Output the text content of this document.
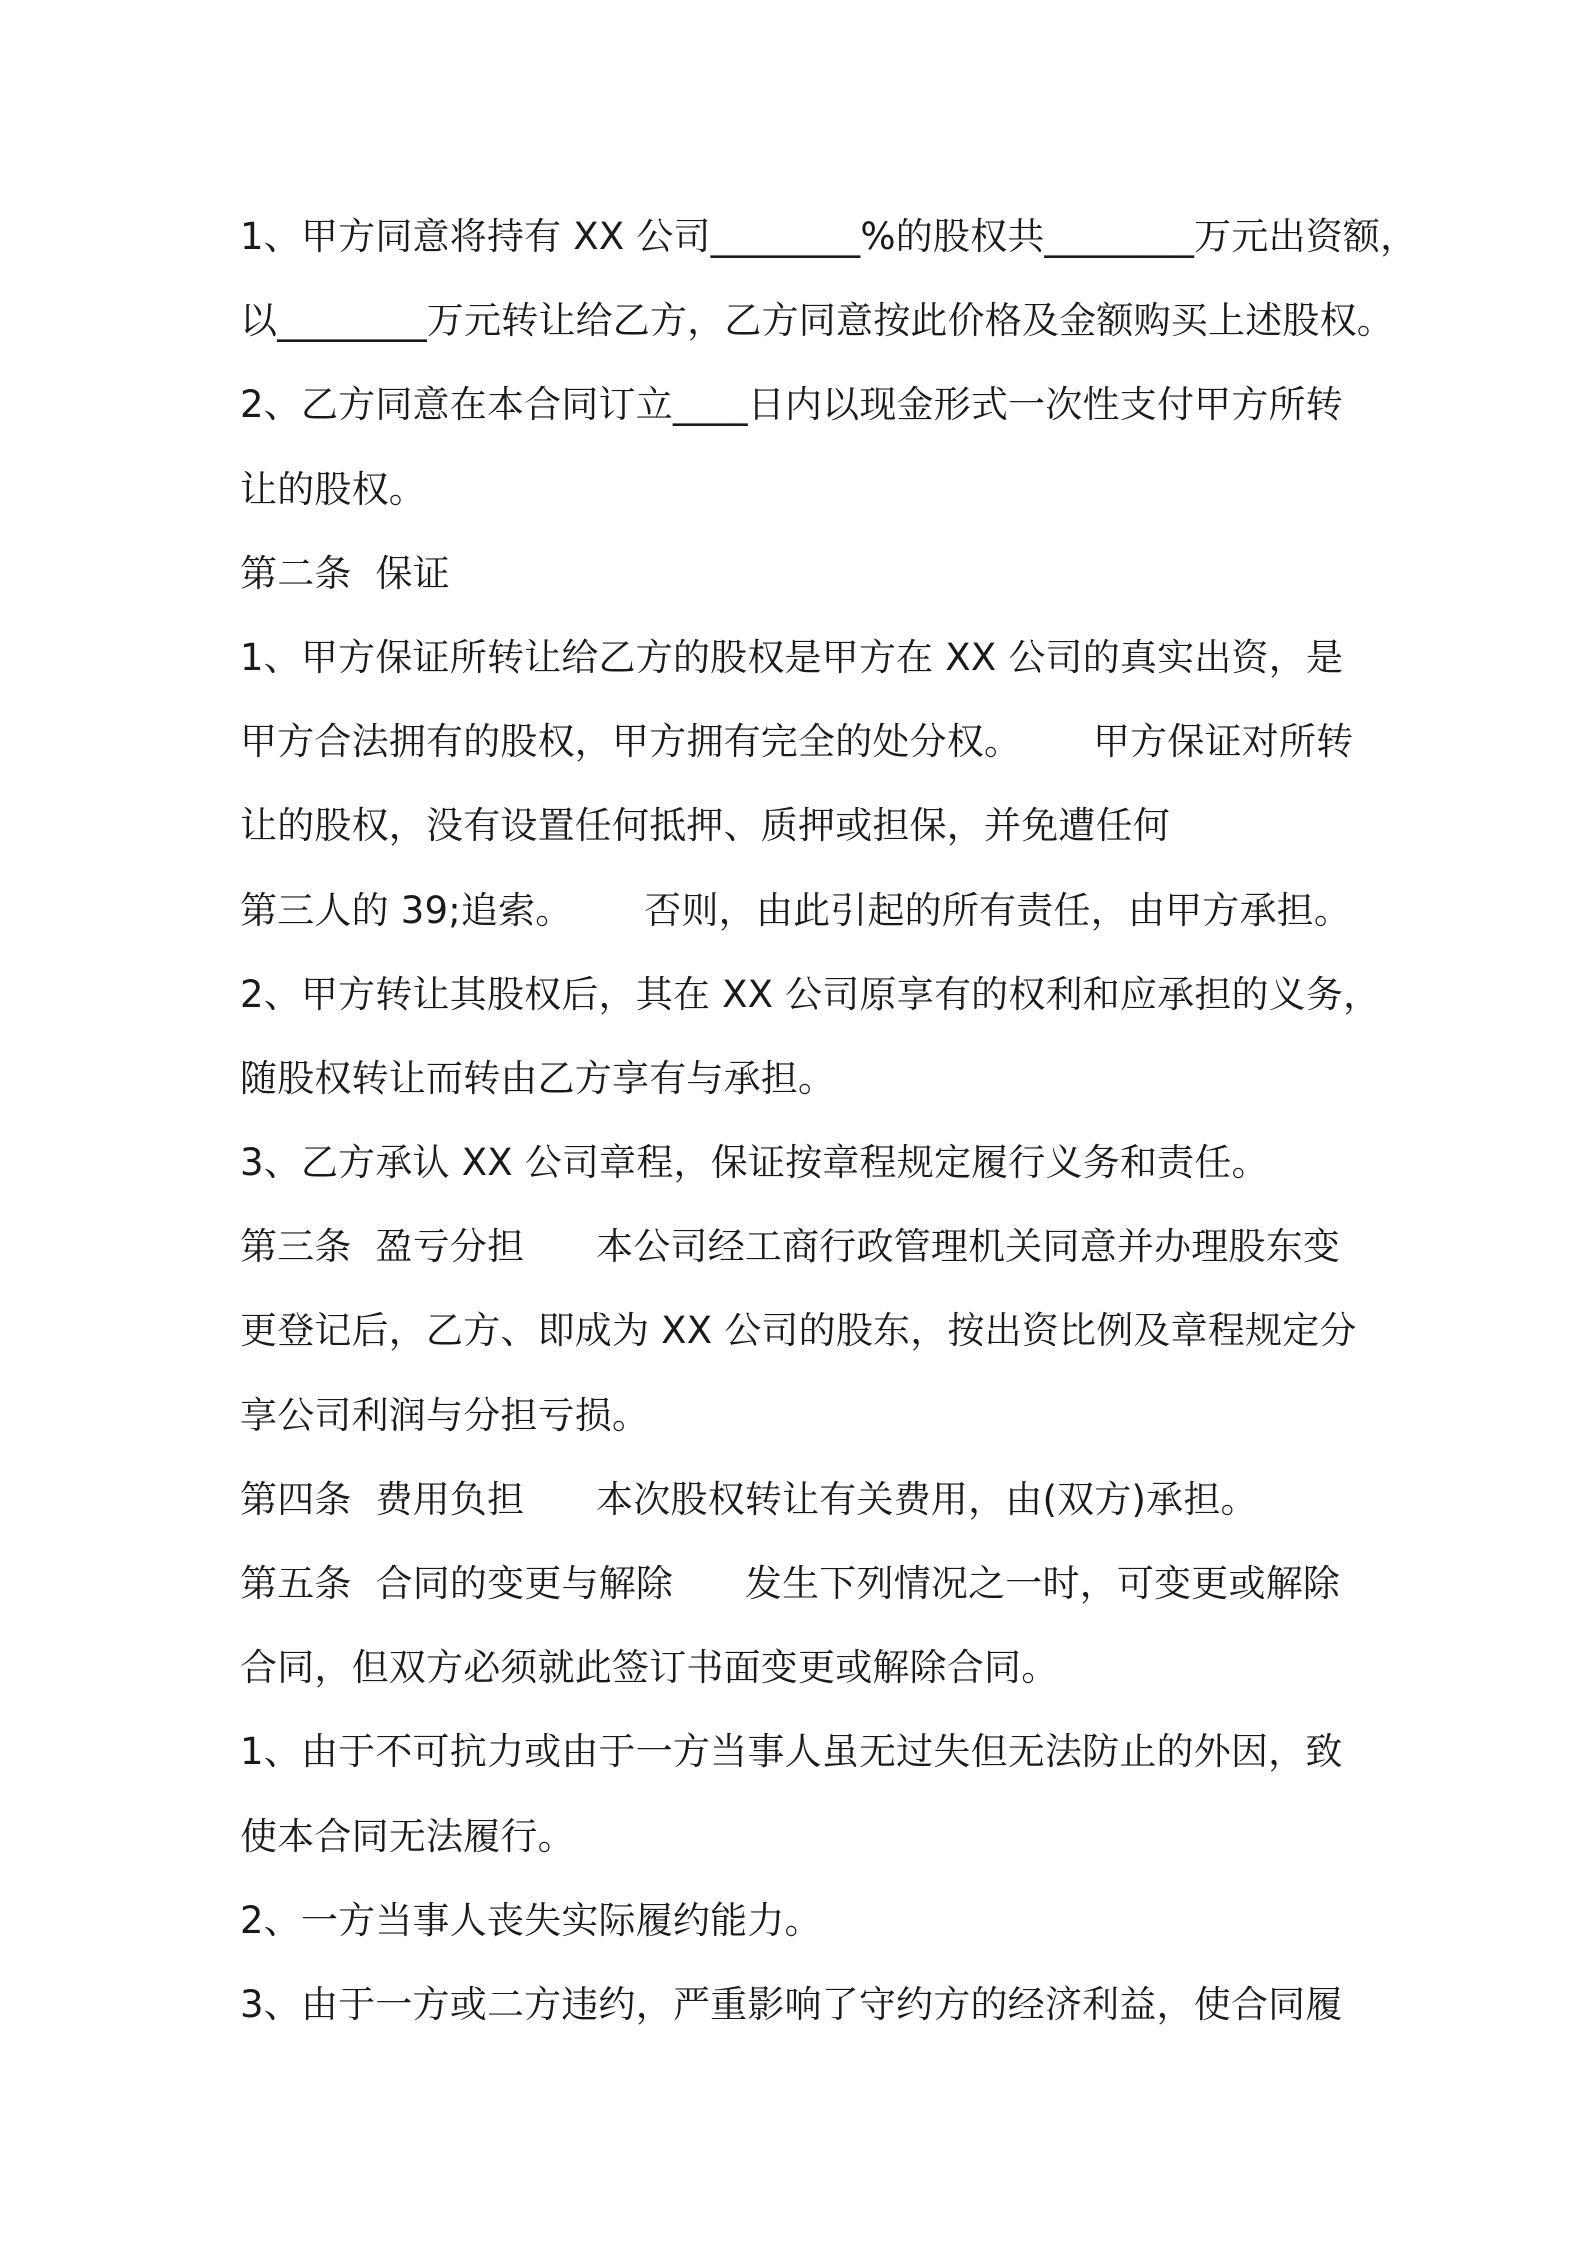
1、甲方同意将持有 XX 公司________%的股权共________万元出资额，
以________万元转让给乙方，乙方同意按此价格及金额购买上述股权。
2、乙方同意在本合同订立____日内以现金形式一次性支付甲方所转
让的股权。
第二条  保证
1、甲方保证所转让给乙方的股权是甲方在 XX 公司的真实出资，是
甲方合法拥有的股权，甲方拥有完全的处分权。      甲方保证对所转
让的股权，没有设置任何抵押、质押或担保，并免遭任何
第三人的 39;追索。      否则，由此引起的所有责任，由甲方承担。
2、甲方转让其股权后，其在 XX 公司原享有的权利和应承担的义务，
随股权转让而转由乙方享有与承担。
3、乙方承认 XX 公司章程，保证按章程规定履行义务和责任。
第三条  盈亏分担      本公司经工商行政管理机关同意并办理股东变
更登记后，乙方、即成为 XX 公司的股东，按出资比例及章程规定分
享公司利润与分担亏损。
第四条  费用负担      本次股权转让有关费用，由(双方)承担。
第五条  合同的变更与解除      发生下列情况之一时，可变更或解除
合同，但双方必须就此签订书面变更或解除合同。
1、由于不可抗力或由于一方当事人虽无过失但无法防止的外因，致
使本合同无法履行。
2、一方当事人丧失实际履约能力。
3、由于一方或二方违约，严重影响了守约方的经济利益，使合同履
